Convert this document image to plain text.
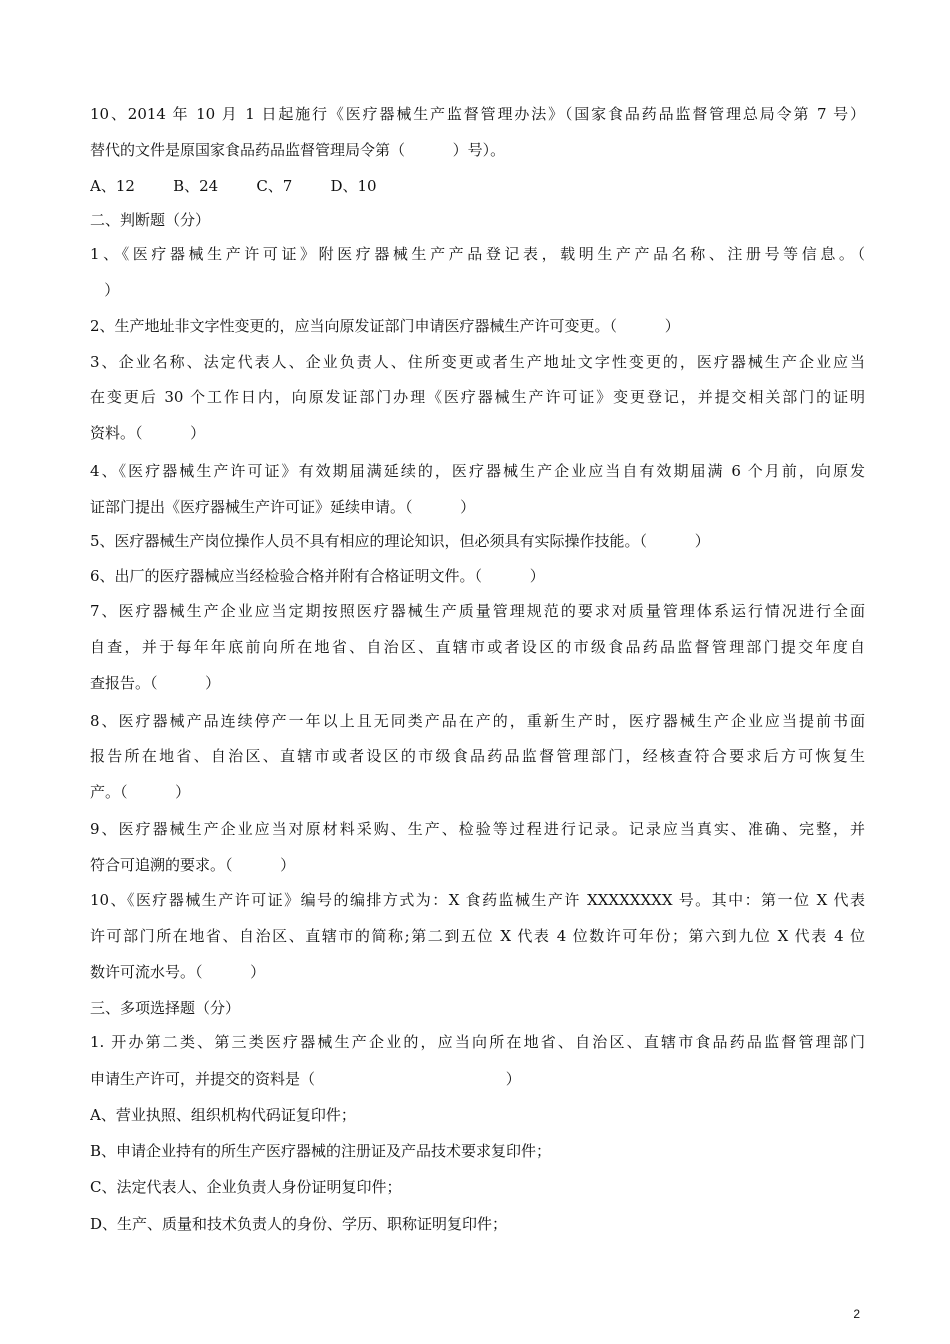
10、2014 年 10 月 1 日起施行《医疗器械生产监督管理办法》（国家食品药品监督管理总局令第 7 号）
替代的文件是原国家食品药品监督管理局令第（          ）号）。
A、12        B、24        C、7        D、10
二、判断题（分）
1、《医疗器械生产许可证》附医疗器械生产产品登记表，载明生产产品名称、注册号等信息。（
）
2、生产地址非文字性变更的，应当向原发证部门申请医疗器械生产许可变更。（          ）
3、企业名称、法定代表人、企业负责人、住所变更或者生产地址文字性变更的，医疗器械生产企业应当
在变更后 30 个工作日内，向原发证部门办理《医疗器械生产许可证》变更登记，并提交相关部门的证明
资料。（          ）
4、《医疗器械生产许可证》有效期届满延续的，医疗器械生产企业应当自有效期届满 6 个月前，向原发
证部门提出《医疗器械生产许可证》延续申请。（          ）
5、医疗器械生产岗位操作人员不具有相应的理论知识，但必须具有实际操作技能。（          ）
6、出厂的医疗器械应当经检验合格并附有合格证明文件。（          ）
7、医疗器械生产企业应当定期按照医疗器械生产质量管理规范的要求对质量管理体系运行情况进行全面
自查，并于每年年底前向所在地省、自治区、直辖市或者设区的市级食品药品监督管理部门提交年度自
查报告。（          ）
8、医疗器械产品连续停产一年以上且无同类产品在产的，重新生产时，医疗器械生产企业应当提前书面
报告所在地省、自治区、直辖市或者设区的市级食品药品监督管理部门，经核查符合要求后方可恢复生
产。（          ）
9、医疗器械生产企业应当对原材料采购、生产、检验等过程进行记录。记录应当真实、准确、完整，并
符合可追溯的要求。（          ）
10、《医疗器械生产许可证》编号的编排方式为：X 食药监械生产许 XXXXXXXX 号。其中：第一位 X 代表
许可部门所在地省、自治区、直辖市的简称;第二到五位 X 代表 4 位数许可年份；第六到九位 X 代表 4 位
数许可流水号。（          ）
三、多项选择题（分）
1. 开办第二类、第三类医疗器械生产企业的，应当向所在地省、自治区、直辖市食品药品监督管理部门
申请生产许可，并提交的资料是（                                        ）
A、营业执照、组织机构代码证复印件；
B、申请企业持有的所生产医疗器械的注册证及产品技术要求复印件；
C、法定代表人、企业负责人身份证明复印件；
D、生产、质量和技术负责人的身份、学历、职称证明复印件；
2
